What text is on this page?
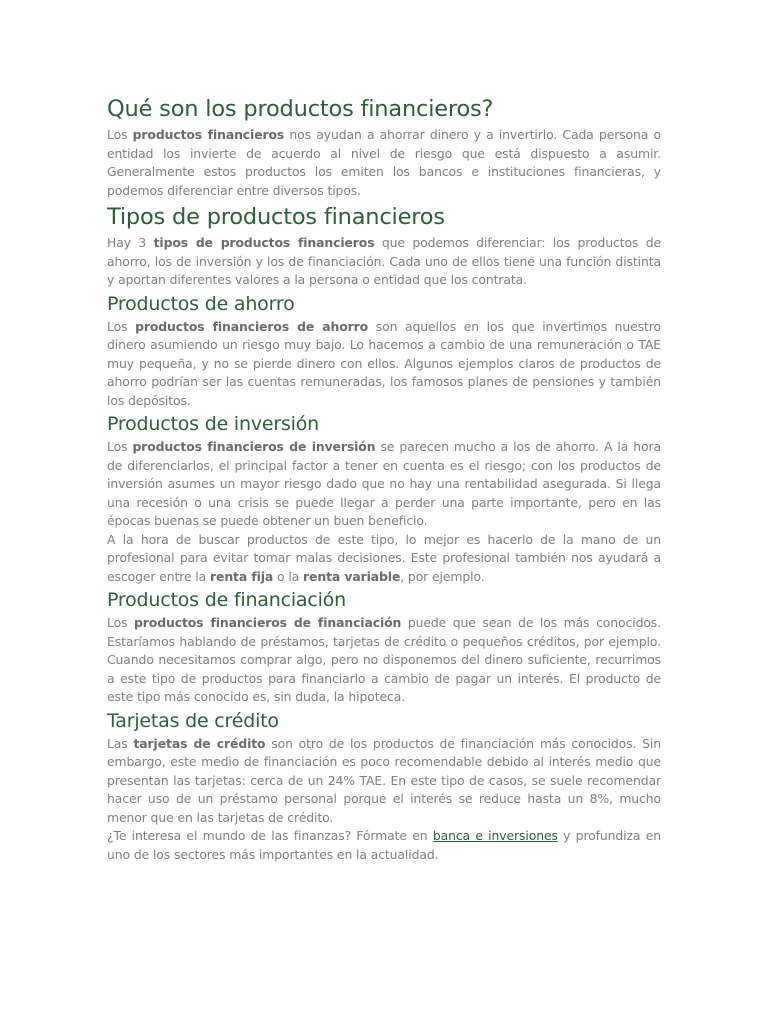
Qué son los productos financieros?

Los productos financieros nos ayudan a ahorrar dinero y a invertirlo. Cada persona o entidad los invierte de acuerdo al nivel de riesgo que está dispuesto a asumir. Generalmente estos productos los emiten los bancos e instituciones financieras, y podemos diferenciar entre diversos tipos.

Tipos de productos financieros

Hay 3 tipos de productos financieros que podemos diferenciar: los productos de ahorro, los de inversión y los de financiación. Cada uno de ellos tiene una función distinta y aportan diferentes valores a la persona o entidad que los contrata.

Productos de ahorro

Los productos financieros de ahorro son aquellos en los que invertimos nuestro dinero asumiendo un riesgo muy bajo. Lo hacemos a cambio de una remuneración o TAE muy pequeña, y no se pierde dinero con ellos. Algunos ejemplos claros de productos de ahorro podrían ser las cuentas remuneradas, los famosos planes de pensiones y también los depósitos.

Productos de inversión

Los productos financieros de inversión se parecen mucho a los de ahorro. A la hora de diferenciarlos, el principal factor a tener en cuenta es el riesgo; con los productos de inversión asumes un mayor riesgo dado que no hay una rentabilidad asegurada. Si llega una recesión o una crisis se puede llegar a perder una parte importante, pero en las épocas buenas se puede obtener un buen beneficio.

A la hora de buscar productos de este tipo, lo mejor es hacerlo de la mano de un profesional para evitar tomar malas decisiones. Este profesional también nos ayudará a escoger entre la renta fija o la renta variable, por ejemplo.

Productos de financiación

Los productos financieros de financiación puede que sean de los más conocidos. Estaríamos hablando de préstamos, tarjetas de crédito o pequeños créditos, por ejemplo. Cuando necesitamos comprar algo, pero no disponemos del dinero suficiente, recurrimos a este tipo de productos para financiarlo a cambio de pagar un interés. El producto de este tipo más conocido es, sin duda, la hipoteca.

Tarjetas de crédito

Las tarjetas de crédito son otro de los productos de financiación más conocidos. Sin embargo, este medio de financiación es poco recomendable debido al interés medio que presentan las tarjetas: cerca de un 24% TAE. En este tipo de casos, se suele recomendar hacer uso de un préstamo personal porque el interés se reduce hasta un 8%, mucho menor que en las tarjetas de crédito.

¿Te interesa el mundo de las finanzas? Fórmate en banca e inversiones y profundiza en uno de los sectores más importantes en la actualidad.
